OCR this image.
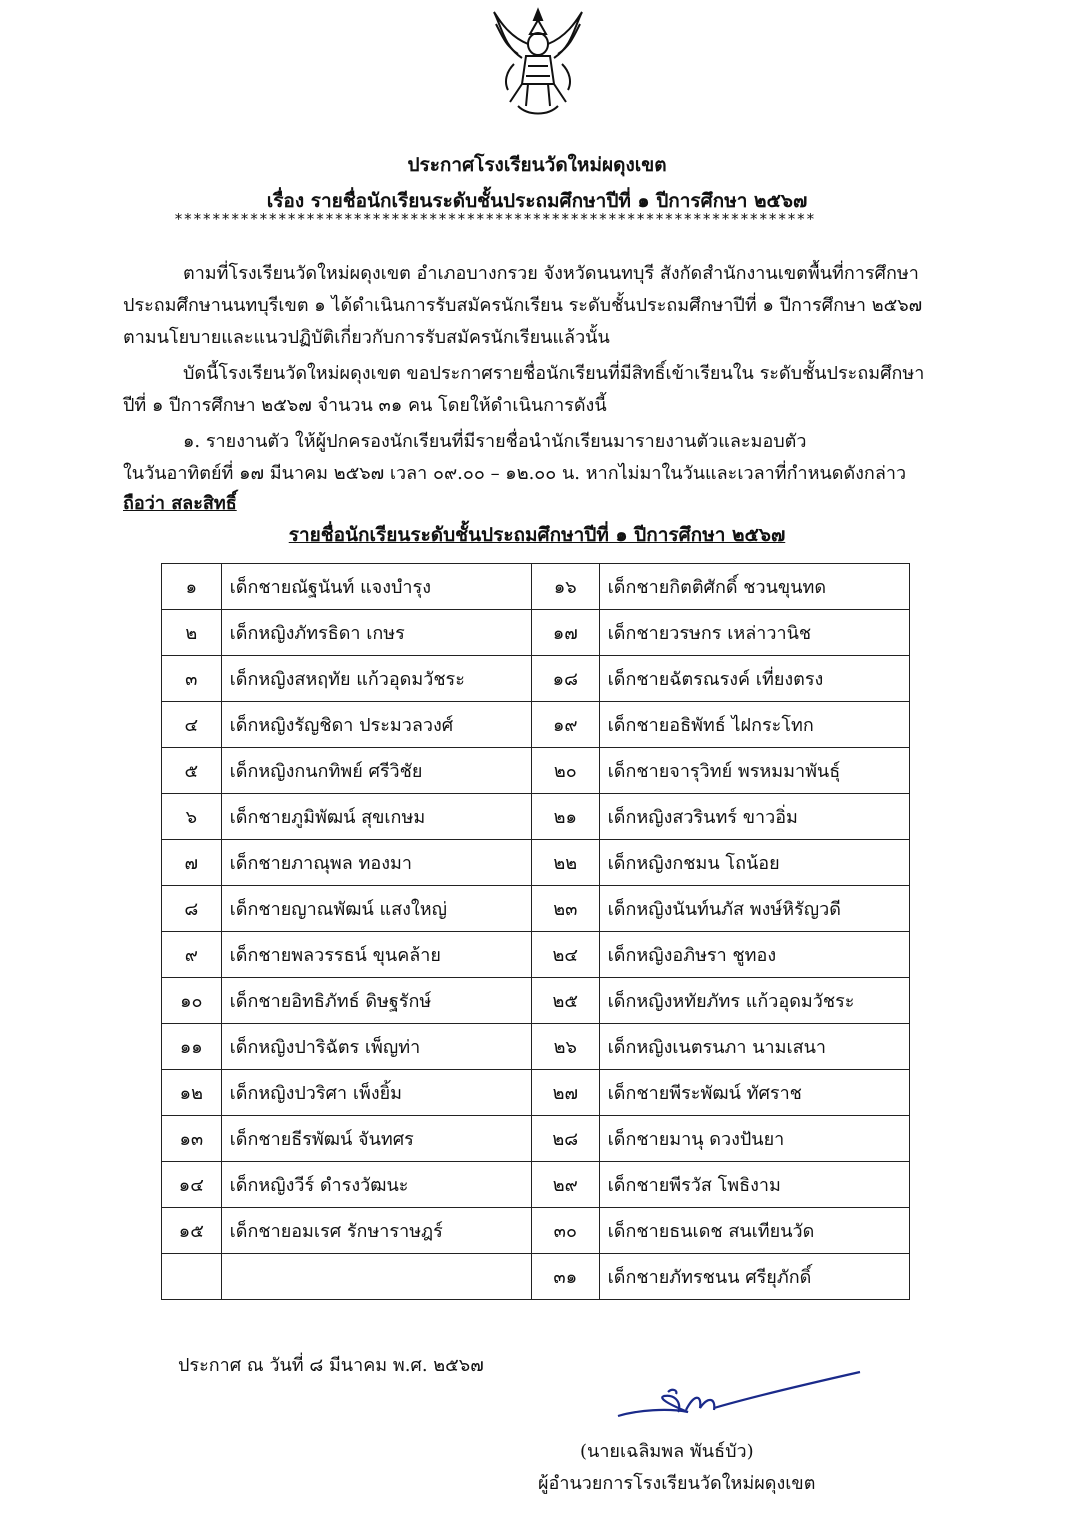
ประกาศโรงเรียนวัดใหม่ผดุงเขต
เรื่อง รายชื่อนักเรียนระดับชั้นประถมศึกษาปีที่ ๑ ปีการศึกษา ๒๕๖๗
********************************************************************
ตามที่โรงเรียนวัดใหม่ผดุงเขต อำเภอบางกรวย จังหวัดนนทบุรี สังกัดสำนักงานเขตพื้นที่การศึกษา
ประถมศึกษานนทบุรีเขต ๑ ได้ดำเนินการรับสมัครนักเรียน ระดับชั้นประถมศึกษาปีที่ ๑ ปีการศึกษา ๒๕๖๗
ตามนโยบายและแนวปฏิบัติเกี่ยวกับการรับสมัครนักเรียนแล้วนั้น
บัดนี้โรงเรียนวัดใหม่ผดุงเขต ขอประกาศรายชื่อนักเรียนที่มีสิทธิ์เข้าเรียนใน ระดับชั้นประถมศึกษา
ปีที่ ๑ ปีการศึกษา ๒๕๖๗ จำนวน ๓๑ คน โดยให้ดำเนินการดังนี้
๑. รายงานตัว ให้ผู้ปกครองนักเรียนที่มีรายชื่อนำนักเรียนมารายงานตัวและมอบตัว
ในวันอาทิตย์ที่ ๑๗ มีนาคม ๒๕๖๗ เวลา ๐๙.๐๐ – ๑๒.๐๐ น. หากไม่มาในวันและเวลาที่กำหนดดังกล่าว
ถือว่า สละสิทธิ์
รายชื่อนักเรียนระดับชั้นประถมศึกษาปีที่ ๑ ปีการศึกษา ๒๕๖๗
๑	เด็กชายณัฐนันท์ แจงบำรุง	๑๖	เด็กชายกิตติศักดิ์ ชวนขุนทด
๒	เด็กหญิงภัทรธิดา เกษร	๑๗	เด็กชายวรษกร เหล่าวานิช
๓	เด็กหญิงสหฤทัย แก้วอุดมวัชระ	๑๘	เด็กชายฉัตรณรงค์ เที่ยงตรง
๔	เด็กหญิงรัญชิดา ประมวลวงศ์	๑๙	เด็กชายอธิพัทธ์ ไฝกระโทก
๕	เด็กหญิงกนกทิพย์ ศรีวิชัย	๒๐	เด็กชายจารุวิทย์ พรหมมาพันธุ์
๖	เด็กชายภูมิพัฒน์ สุขเกษม	๒๑	เด็กหญิงสวรินทร์ ขาวอิ่ม
๗	เด็กชายภาณุพล ทองมา	๒๒	เด็กหญิงกชมน โถน้อย
๘	เด็กชายญาณพัฒน์ แสงใหญ่	๒๓	เด็กหญิงนันท์นภัส พงษ์หิรัญวดี
๙	เด็กชายพลวรรธน์ ขุนคล้าย	๒๔	เด็กหญิงอภิษรา ชูทอง
๑๐	เด็กชายอิทธิภัทธ์ ดิษฐรักษ์	๒๕	เด็กหญิงหทัยภัทร แก้วอุดมวัชระ
๑๑	เด็กหญิงปาริฉัตร เพ็ญท่า	๒๖	เด็กหญิงเนตรนภา นามเสนา
๑๒	เด็กหญิงปวริศา เพ็งยิ้ม	๒๗	เด็กชายพีระพัฒน์ ทัศราช
๑๓	เด็กชายธีรพัฒน์ จันทศร	๒๘	เด็กชายมานุ ดวงปันยา
๑๔	เด็กหญิงวีร์ ดำรงวัฒนะ	๒๙	เด็กชายพีรวัส โพธิงาม
๑๕	เด็กชายอมเรศ รักษาราษฎร์	๓๐	เด็กชายธนเดช สนเทียนวัด
		๓๑	เด็กชายภัทรชนน ศรียุภักดิ์
ประกาศ ณ วันที่ ๘ มีนาคม พ.ศ. ๒๕๖๗
(นายเฉลิมพล พันธ์บัว)
ผู้อำนวยการโรงเรียนวัดใหม่ผดุงเขต
